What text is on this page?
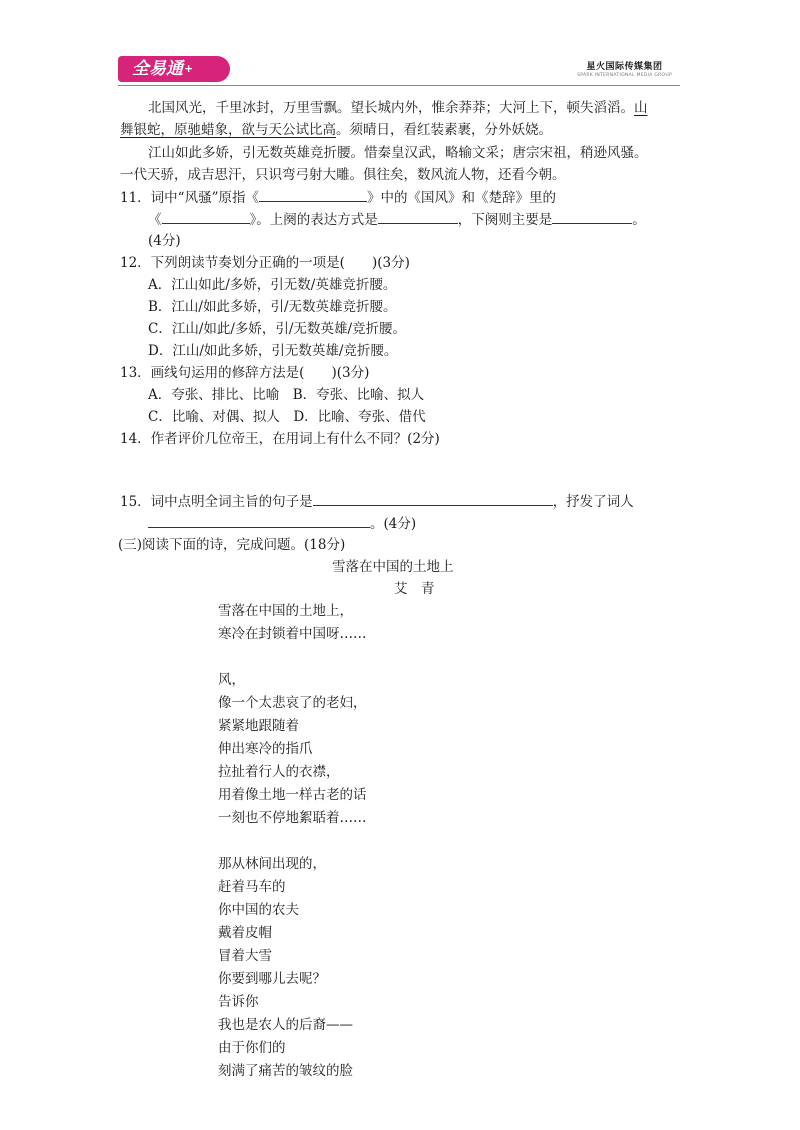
全易通+	星火国际传媒集团
SPARK INTERNATIONAL MEDIA GROUP
北国风光，千里冰封，万里雪飘。望长城内外，惟余莽莽；大河上下，顿失滔滔。山
舞银蛇，原驰蜡象，欲与天公试比高。须晴日，看红装素裹，分外妖娆。
江山如此多娇，引无数英雄竞折腰。惜秦皇汉武，略输文采；唐宗宋祖，稍逊风骚。
一代天骄，成吉思汗，只识弯弓射大雕。俱往矣，数风流人物，还看今朝。
11．词中“风骚”原指《	》中的《国风》和《楚辞》里的
《	》。上阕的表达方式是	，下阕则主要是	。
(4分)
12．下列朗读节奏划分正确的一项是(　　)(3分)
A．江山如此/多娇，引无数/英雄竞折腰。
B．江山/如此多娇，引/无数英雄竞折腰。
C．江山/如此/多娇，引/无数英雄/竞折腰。
D．江山/如此多娇，引无数英雄/竞折腰。
13．画线句运用的修辞方法是(　　)(3分)
A．夸张、排比、比喻　B．夸张、比喻、拟人
C．比喻、对偶、拟人　D．比喻、夸张、借代
14．作者评价几位帝王，在用词上有什么不同？(2分)
15．词中点明全词主旨的句子是	，抒发了词人
。(4分)
(三)阅读下面的诗，完成问题。(18分)
雪落在中国的土地上
艾　青
雪落在中国的土地上，
寒冷在封锁着中国呀……
风，
像一个太悲哀了的老妇，
紧紧地跟随着
伸出寒冷的指爪
拉扯着行人的衣襟，
用着像土地一样古老的话
一刻也不停地絮聒着……
那从林间出现的，
赶着马车的
你中国的农夫
戴着皮帽
冒着大雪
你要到哪儿去呢？
告诉你
我也是农人的后裔——
由于你们的
刻满了痛苦的皱纹的脸
